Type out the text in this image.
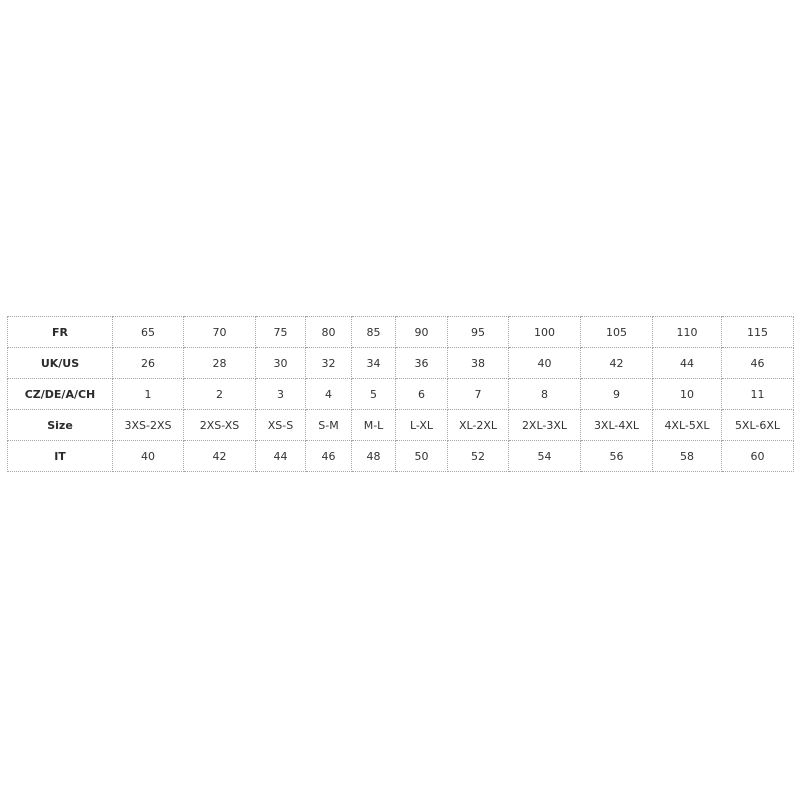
FR	65	70	75	80	85	90	95	100	105	110	115
UK/US	26	28	30	32	34	36	38	40	42	44	46
CZ/DE/A/CH	1	2	3	4	5	6	7	8	9	10	11
Size	3XS-2XS	2XS-XS	XS-S	S-M	M-L	L-XL	XL-2XL	2XL-3XL	3XL-4XL	4XL-5XL	5XL-6XL
IT	40	42	44	46	48	50	52	54	56	58	60
